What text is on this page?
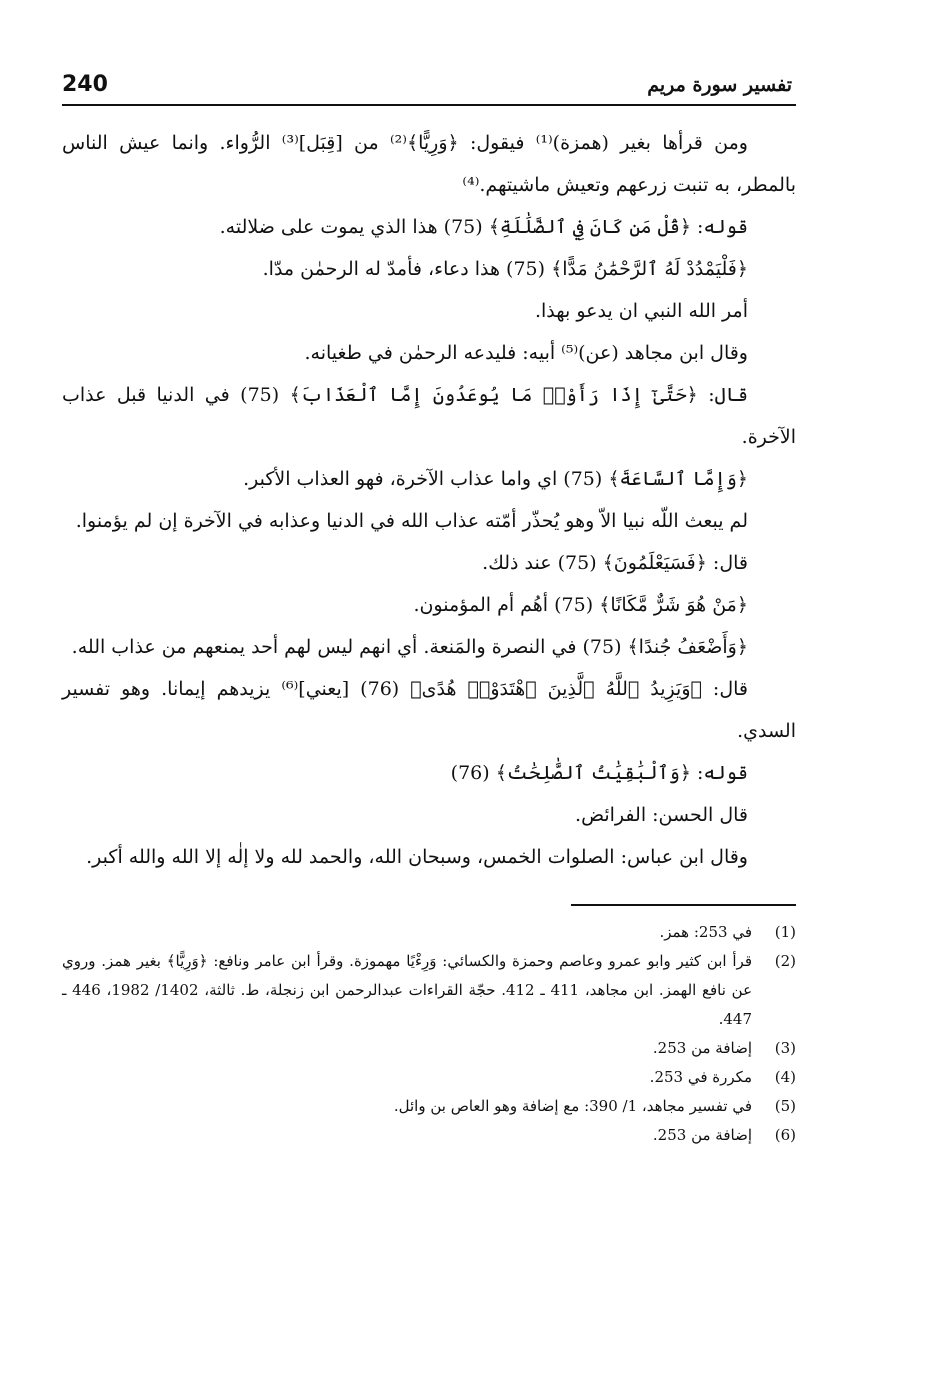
240	تفسير سورة مريم

ومن قرأها بغير (همزة)⁽¹⁾ فيقول: ﴿وَرِيًّا﴾⁽²⁾ من [قِبَل]⁽³⁾ الرُّواء. وانما عيش الناس بالمطر، به تنبت زرعهم وتعيش ماشيتهم.⁽⁴⁾

قوله: ﴿قُلْ مَن كَانَ فِي ٱلضَّلَٰلَةِ﴾ (75) هذا الذي يموت على ضلالته.

﴿فَلْيَمْدُدْ لَهُ ٱلرَّحْمَٰنُ مَدًّا﴾ (75) هذا دعاء، فأمدّ له الرحمٰن مدّا.

أمر الله النبي ان يدعو بهذا.

وقال ابن مجاهد (عن)⁽⁵⁾ أبيه: فليدعه الرحمٰن في طغيانه.

قال: ﴿حَتَّىٰٓ إِذَا رَأَوْا۟ مَا يُوعَدُونَ إِمَّا ٱلْعَذَابَ﴾ (75) في الدنيا قبل عذاب الآخرة.

﴿وَإِمَّا ٱلسَّاعَةَ﴾ (75) اي واما عذاب الآخرة، فهو العذاب الأكبر.

لم يبعث اللّه نبيا الاّ وهو يُحذّر أمّته عذاب الله في الدنيا وعذابه في الآخرة إن لم يؤمنوا.

قال: ﴿فَسَيَعْلَمُونَ﴾ (75) عند ذلك.

﴿مَنْ هُوَ شَرٌّ مَّكَانًا﴾ (75) أهُم أم المؤمنون.

﴿وَأَضْعَفُ جُندًا﴾ (75) في النصرة والمَنعة. أي انهم ليس لهم أحد يمنعهم من عذاب الله.

قال: ﴿وَيَزِيدُ ٱللَّهُ ٱلَّذِينَ ٱهْتَدَوْا۟ هُدًى﴾ (76) [يعني]⁽⁶⁾ يزيدهم إيمانا. وهو تفسير السدي.

قوله: ﴿وَٱلْبَٰقِيَٰتُ ٱلصَّٰلِحَٰتُ﴾ (76)

قال الحسن: الفرائض.

وقال ابن عباس: الصلوات الخمس، وسبحان الله، والحمد لله ولا إلٰه إلا الله والله أكبر.

(1)
في 253: همز.
(2)
قرأ ابن كثير وابو عمرو وعاصم وحمزة والكسائي: وَرِءْيًا مهموزة. وقرأ ابن عامر ونافع: ﴿وَرِيًّا﴾ بغير همز. وروي عن نافع الهمز. ابن مجاهد، 411 ـ 412. حجّة القراءات عبدالرحمن ابن زنجلة، ط. ثالثة، 1402/ 1982، 446 ـ 447.
(3)
إضافة من 253.
(4)
مكررة في 253.
(5)
في تفسير مجاهد، 1/ 390: مع إضافة وهو العاص بن وائل.
(6)
إضافة من 253.
